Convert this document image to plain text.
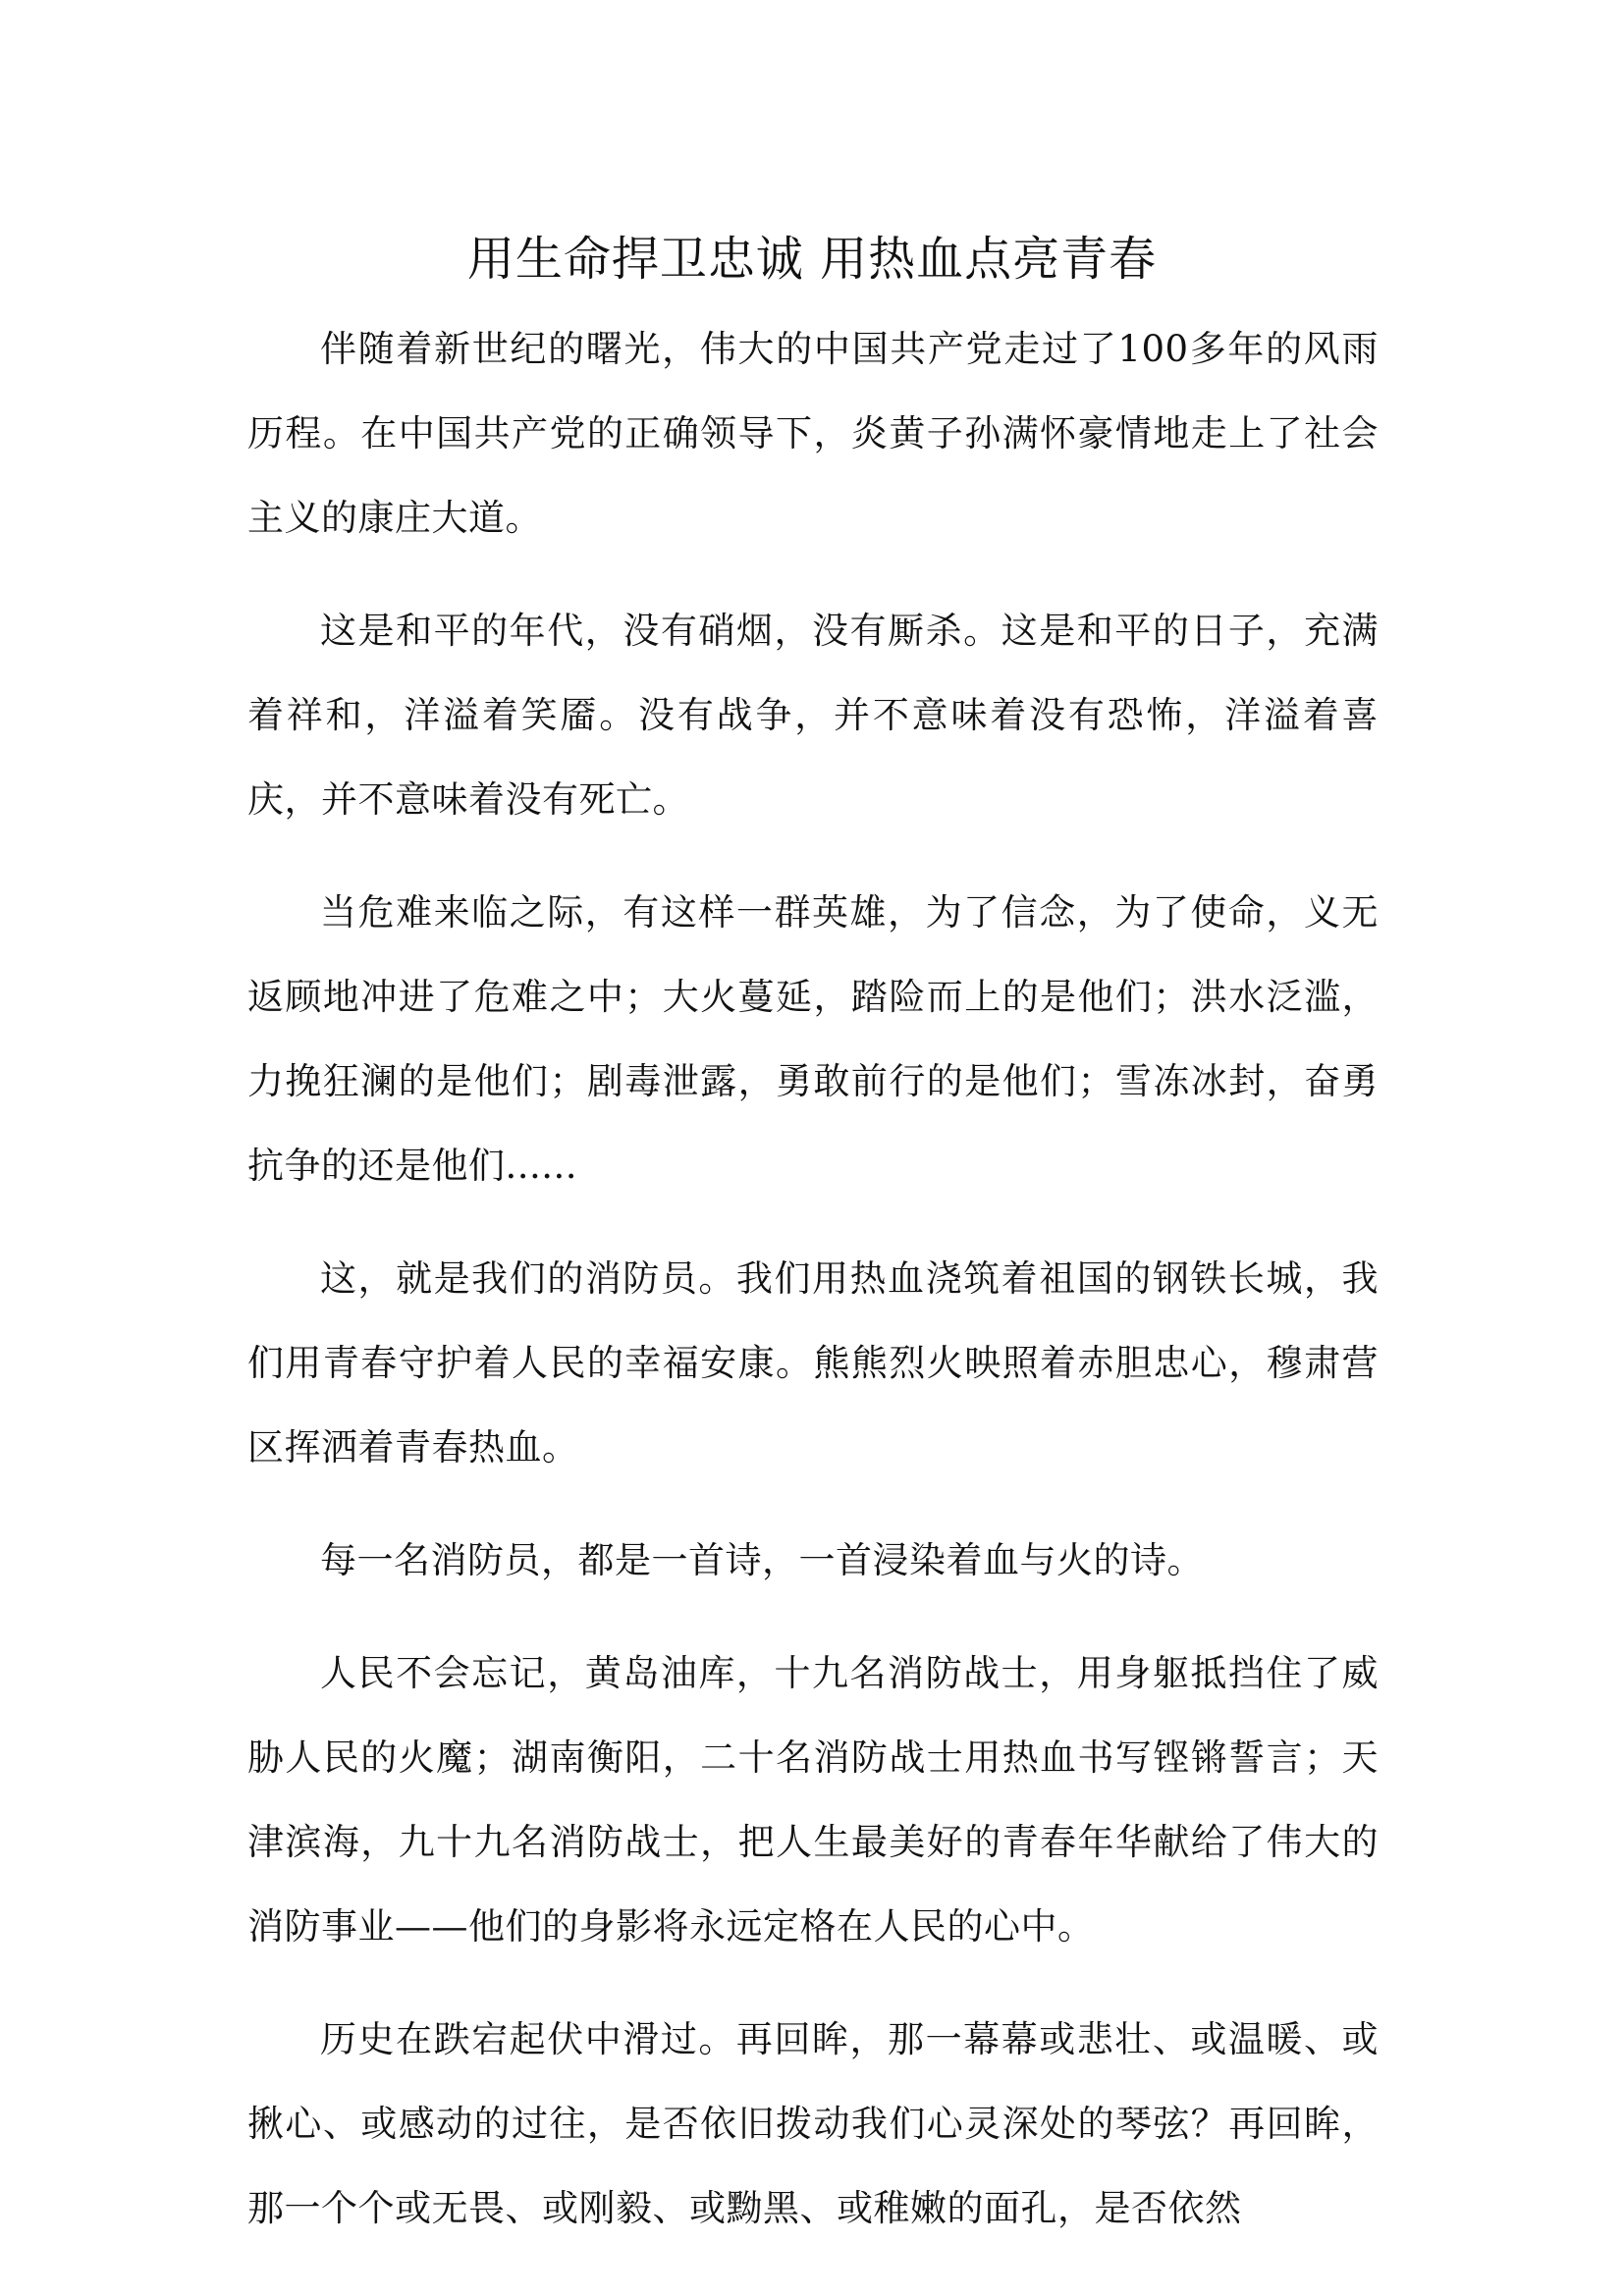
用生命捍卫忠诚 用热血点亮青春

伴随着新世纪的曙光，伟大的中国共产党走过了100多年的风雨历程。在中国共产党的正确领导下，炎黄子孙满怀豪情地走上了社会主义的康庄大道。

这是和平的年代，没有硝烟，没有厮杀。这是和平的日子，充满着祥和，洋溢着笑靥。没有战争，并不意味着没有恐怖，洋溢着喜庆，并不意味着没有死亡。

当危难来临之际，有这样一群英雄，为了信念，为了使命，义无返顾地冲进了危难之中；大火蔓延，踏险而上的是他们；洪水泛滥，力挽狂澜的是他们；剧毒泄露，勇敢前行的是他们；雪冻冰封，奋勇抗争的还是他们......

这，就是我们的消防员。我们用热血浇筑着祖国的钢铁长城，我们用青春守护着人民的幸福安康。熊熊烈火映照着赤胆忠心，穆肃营区挥洒着青春热血。

每一名消防员，都是一首诗，一首浸染着血与火的诗。

人民不会忘记，黄岛油库，十九名消防战士，用身躯抵挡住了威胁人民的火魔；湖南衡阳，二十名消防战士用热血书写铿锵誓言；天津滨海，九十九名消防战士，把人生最美好的青春年华献给了伟大的消防事业——他们的身影将永远定格在人民的心中。

历史在跌宕起伏中滑过。再回眸，那一幕幕或悲壮、或温暖、或揪心、或感动的过往，是否依旧拨动我们心灵深处的琴弦？再回眸，那一个个或无畏、或刚毅、或黝黑、或稚嫩的面孔，是否依然
